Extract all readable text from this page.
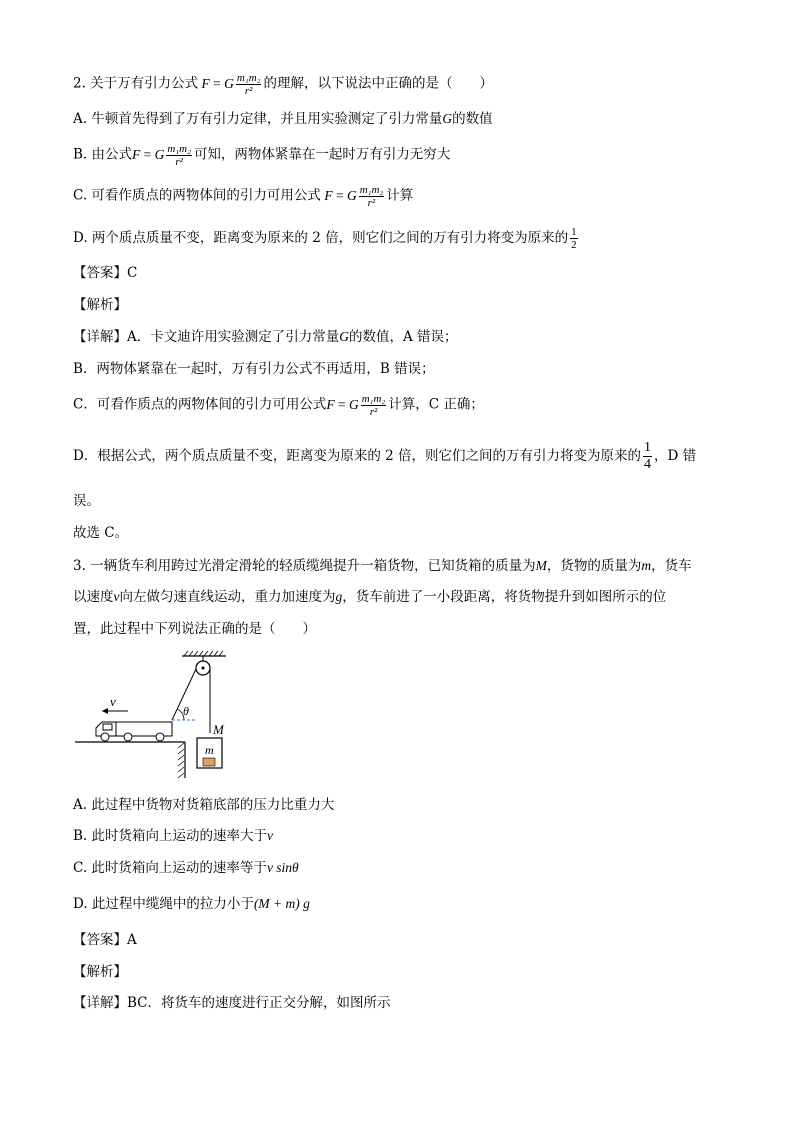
2. 关于万有引力公式 F = G $\frac{\text{m₁m₂}}{\text{r²}}$ 的理解，以下说法中正确的是（　　）
A. 牛顿首先得到了万有引力定律，并且用实验测定了引力常量G的数值
B. 由公式F = G $\frac{\text{m₁m₂}}{\text{r²}}$ 可知，两物体紧靠在一起时万有引力无穷大
C. 可看作质点的两物体间的引力可用公式 F = G $\frac{\text{m₁m₂}}{\text{r²}}$ 计算
D. 两个质点质量不变，距离变为原来的 2 倍，则它们之间的万有引力将变为原来的 $\frac{1}{2}$
【答案】C
【解析】
【详解】A．卡文迪许用实验测定了引力常量G的数值，A 错误；
B．两物体紧靠在一起时，万有引力公式不再适用，B 错误；
C．可看作质点的两物体间的引力可用公式F = G $\frac{\text{m₁m₂}}{\text{r²}}$ 计算，C 正确；
D．根据公式，两个质点质量不变，距离变为原来的 2 倍，则它们之间的万有引力将变为原来的 $\frac{1}{4}$ ，D 错
误。
故选 C。
3. 一辆货车利用跨过光滑定滑轮的轻质缆绳提升一箱货物，已知货箱的质量为M，货物的质量为m，货车
以速度v向左做匀速直线运动，重力加速度为g，货车前进了一小段距离，将货物提升到如图所示的位
置，此过程中下列说法正确的是（　　）
θ
v
M
m
A. 此过程中货物对货箱底部的压力比重力大
B. 此时货箱向上运动的速率大于v
C. 此时货箱向上运动的速率等于v sinθ
D. 此过程中缆绳中的拉力小于(M + m) g
【答案】A
【解析】
【详解】BC．将货车的速度进行正交分解，如图所示
